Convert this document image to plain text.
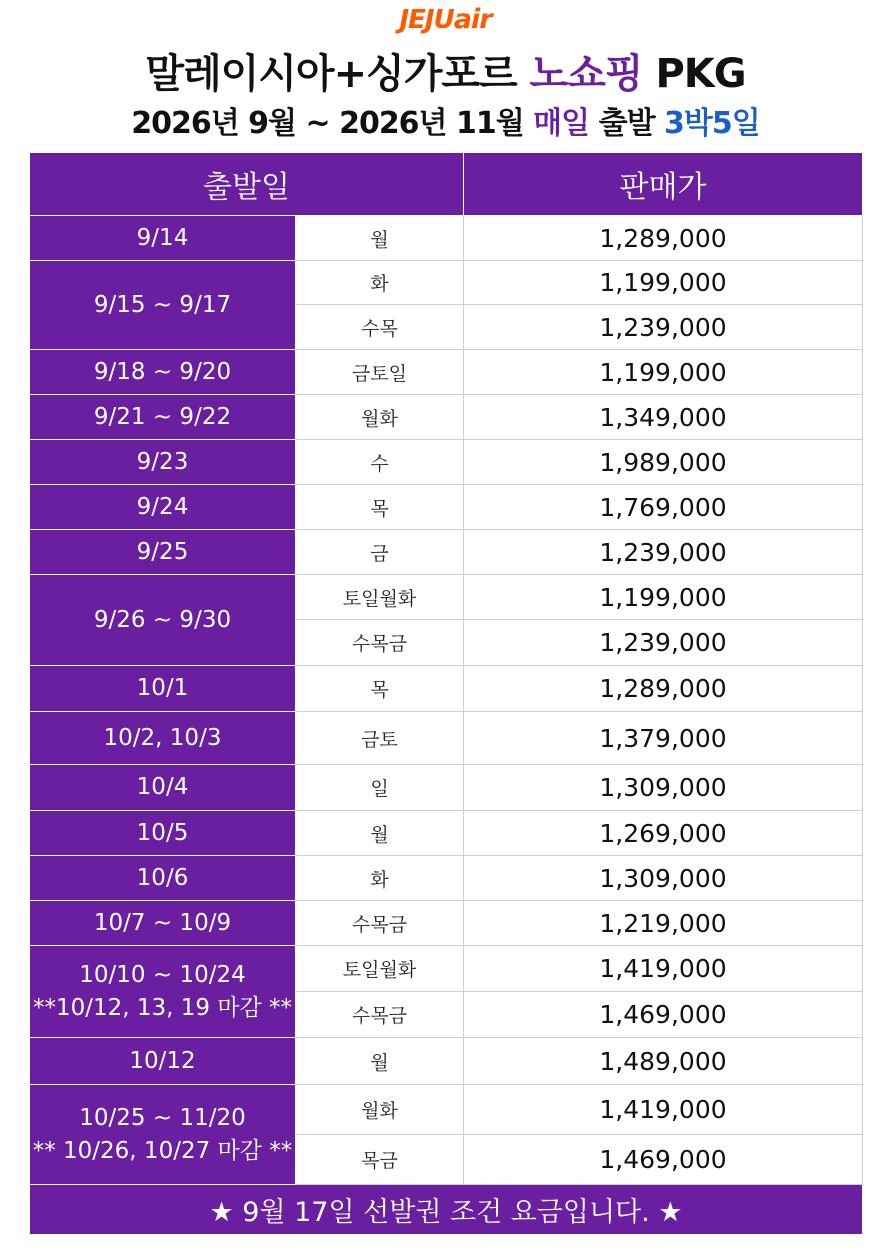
JEJUair
말레이시아+싱가포르 노쇼핑 PKG
2026년 9월 ~ 2026년 11월 매일 출발 3박5일
출발일		판매가

9/14	월	1,289,000

9/15 ~ 9/17	화	1,199,000
	수목	1,239,000

9/18 ~ 9/20	금토일	1,199,000

9/21 ~ 9/22	월화	1,349,000

9/23	수	1,989,000

9/24	목	1,769,000

9/25	금	1,239,000

9/26 ~ 9/30	토일월화	1,199,000
	수목금	1,239,000

10/1	목	1,289,000

10/2, 10/3	금토	1,379,000

10/4	일	1,309,000

10/5	월	1,269,000

10/6	화	1,309,000

10/7 ~ 10/9	수목금	1,219,000

10/10 ~ 10/24
**10/12, 13, 19 마감 **	토일월화	1,419,000
	수목금	1,469,000

10/12	월	1,489,000

10/25 ~ 11/20
** 10/26, 10/27 마감 **	월화	1,419,000
	목금	1,469,000
★ 9월 17일 선발권 조건 요금입니다. ★		
